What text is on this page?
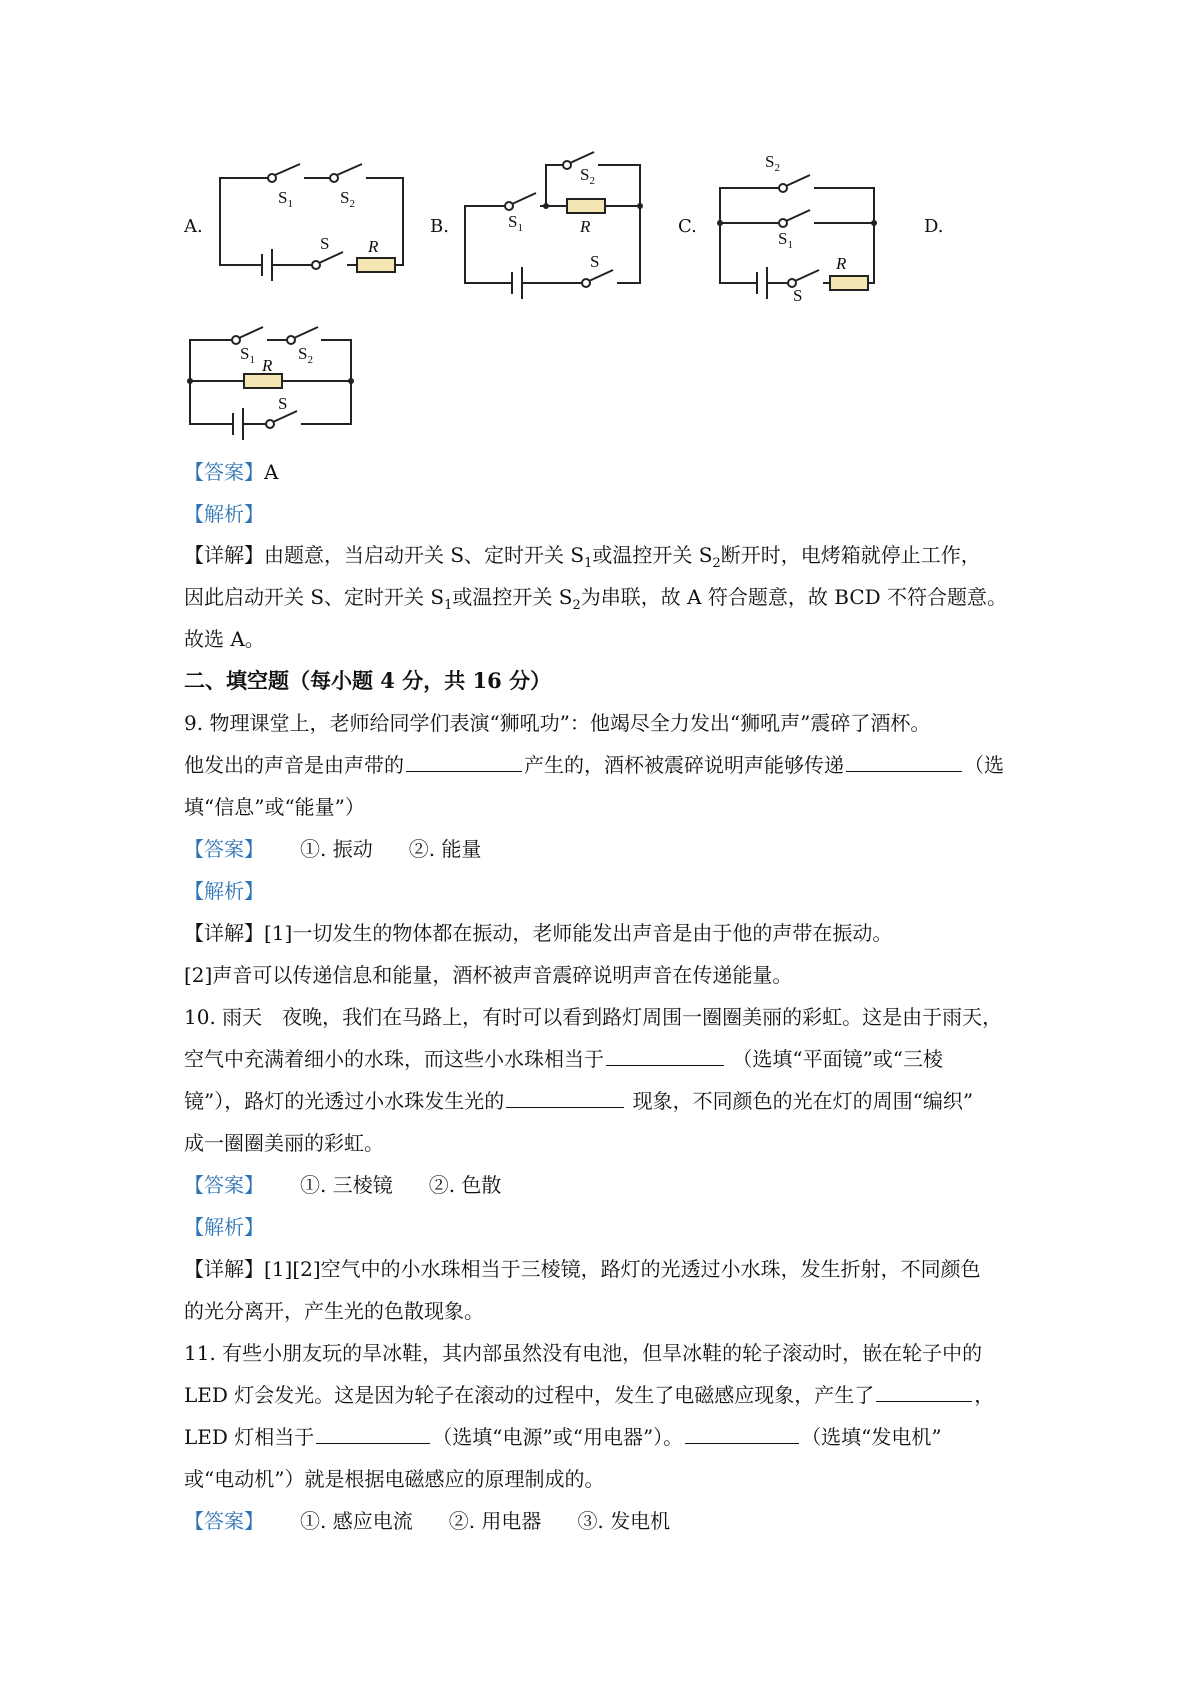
$S_1$	$S_2$
S R
$S_1$	R
$S_2$
S
$S_2$
$S_1$
R
S
$S_1$	$S_2$
R
S
A.	B.	C.	D.
【答案】A
【解析】
【详解】由题意，当启动开关 S、定时开关 $S_1$或温控开关 $S_2$断开时，电烤箱就停止工作，
因此启动开关 S、定时开关 $S_1$或温控开关 $S_2$为串联，故 A 符合题意，故 BCD 不符合题意。
故选 A。
二、填空题（每小题 4 分，共 16 分）
9. 物理课堂上，老师给同学们表演“狮吼功”：他竭尽全力发出“狮吼声”震碎了酒杯。
他发出的声音是由声带的	产生的，酒杯被震碎说明声能够传递	（选
填“信息”或“能量”）
【答案】 ①. 振动 ②. 能量
【解析】
【详解】[1]一切发生的物体都在振动，老师能发出声音是由于他的声带在振动。
[2]声音可以传递信息和能量，酒杯被声音震碎说明声音在传递能量。
10. 雨天　夜晚，我们在马路上，有时可以看到路灯周围一圈圈美丽的彩虹。这是由于雨天，
空气中充满着细小的水珠，而这些小水珠相当于	（选填“平面镜”或“三棱
镜”），路灯的光透过小水珠发生光的	现象，不同颜色的光在灯的周围“编织”
成一圈圈美丽的彩虹。
【答案】 ①. 三棱镜 ②. 色散
【解析】
【详解】[1][2]空气中的小水珠相当于三棱镜，路灯的光透过小水珠，发生折射，不同颜色
的光分离开，产生光的色散现象。
11. 有些小朋友玩的旱冰鞋，其内部虽然没有电池，但旱冰鞋的轮子滚动时，嵌在轮子中的
LED 灯会发光。这是因为轮子在滚动的过程中，发生了电磁感应现象，产生了	，
LED 灯相当于	（选填“电源”或“用电器”）。	（选填“发电机”
或“电动机”）就是根据电磁感应的原理制成的。
【答案】 ①. 感应电流 ②. 用电器 ③. 发电机
